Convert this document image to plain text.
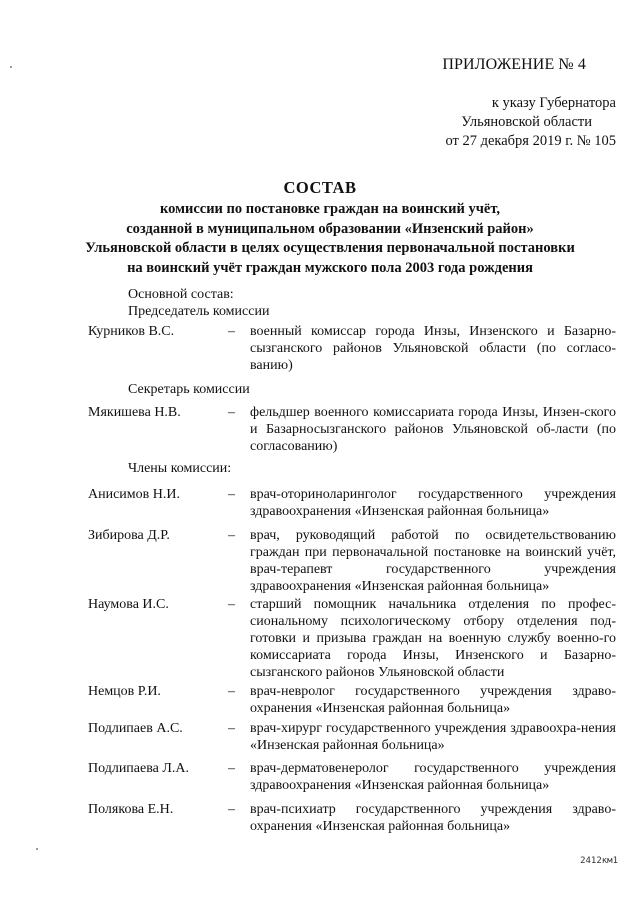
ПРИЛОЖЕНИЕ № 4
к указу Губернатора
Ульяновской области
от 27 декабря 2019 г. № 105
СОСТАВ
комиссии по постановке граждан на воинский учёт,
созданной в муниципальном образовании «Инзенский район»
Ульяновской области в целях осуществления первоначальной постановки
на воинский учёт граждан мужского пола 2003 года рождения
Основной состав:
Председатель комиссии
Курников В.С.	– военный комиссар города Инзы, Инзенского и Базарно-сызганского районов Ульяновской области (по согласо-ванию)
Секретарь комиссии
Мякишева Н.В.	– фельдшер военного комиссариата города Инзы, Инзен-ского и Базарносызганского районов Ульяновской об-ласти (по согласованию)
Члены комиссии:
Анисимов Н.И.	– врач-оториноларинголог государственного учреждения здравоохранения «Инзенская районная больница»
Зибирова Д.Р.	– врач, руководящий работой по освидетельствованию граждан при первоначальной постановке на воинский учёт, врач-терапевт государственного учреждения здравоохранения «Инзенская районная больница»
Наумова И.С.	– старший помощник начальника отделения по профес-сиональному психологическому отбору отделения под-готовки и призыва граждан на военную службу военно-го комиссариата города Инзы, Инзенского и Базарно-сызганского районов Ульяновской области
Немцов Р.И.	– врач-невролог государственного учреждения здраво-охранения «Инзенская районная больница»
Подлипаев А.С.	– врач-хирург государственного учреждения здравоохра-нения «Инзенская районная больница»
Подлипаева Л.А.	– врач-дерматовенеролог государственного учреждения здравоохранения «Инзенская районная больница»
Полякова Е.Н.	– врач-психиатр государственного учреждения здраво-охранения «Инзенская районная больница»
2412км1
